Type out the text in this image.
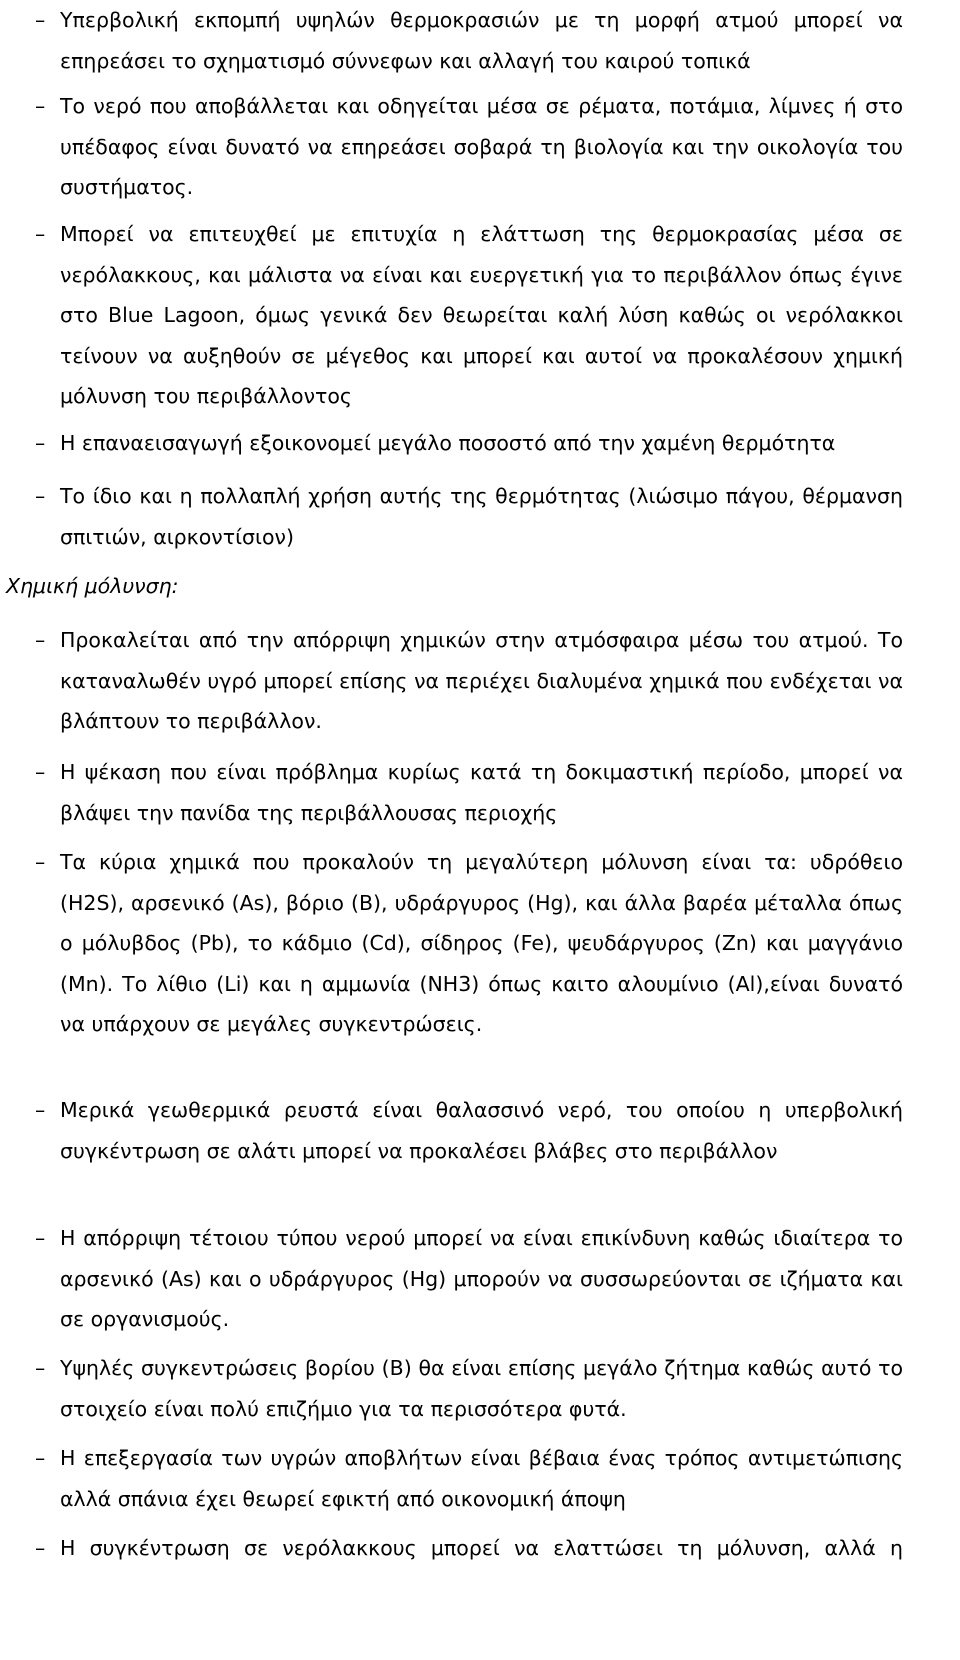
– Υπερβολική εκπομπή υψηλών θερμοκρασιών με τη μορφή ατμού μπορεί να επηρεάσει το σχηματισμό σύννεφων και αλλαγή του καιρού τοπικά
– Το νερό που αποβάλλεται και οδηγείται μέσα σε ρέματα, ποτάμια, λίμνες ή στο υπέδαφος είναι δυνατό να επηρεάσει σοβαρά τη βιολογία και την οικολογία του συστήματος.
– Μπορεί να επιτευχθεί με επιτυχία η ελάττωση της θερμοκρασίας μέσα σε νερόλακκους, και μάλιστα να είναι και ευεργετική για το περιβάλλον όπως έγινε στο Blue Lagoon, όμως γενικά δεν θεωρείται καλή λύση καθώς οι νερόλακκοι τείνουν να αυξηθούν σε μέγεθος και μπορεί και αυτοί να προκαλέσουν χημική μόλυνση του περιβάλλοντος
– Η επαναεισαγωγή εξοικονομεί μεγάλο ποσοστό από την χαμένη θερμότητα
– Το ίδιο και η πολλαπλή χρήση αυτής της θερμότητας (λιώσιμο πάγου, θέρμανση σπιτιών, αιρκοντίσιον)
Χημική μόλυνση:
– Προκαλείται από την απόρριψη χημικών στην ατμόσφαιρα μέσω του ατμού. Το καταναλωθέν υγρό μπορεί επίσης να περιέχει διαλυμένα χημικά που ενδέχεται να βλάπτουν το περιβάλλον.
– Η ψέκαση που είναι πρόβλημα κυρίως κατά τη δοκιμαστική περίοδο, μπορεί να βλάψει την πανίδα της περιβάλλουσας περιοχής
– Τα κύρια χημικά που προκαλούν τη μεγαλύτερη μόλυνση είναι τα: υδρόθειο (H2S), αρσενικό (As), βόριο (B), υδράργυρος (Hg), και άλλα βαρέα μέταλλα όπως ο μόλυβδος (Pb), το κάδμιο (Cd), σίδηρος (Fe), ψευδάργυρος (Zn) και μαγγάνιο (Mn). Το λίθιο (Li) και η αμμωνία (NH3) όπως καιτο αλουμίνιο (Al),είναι δυνατό να υπάρχουν σε μεγάλες συγκεντρώσεις.
– Μερικά γεωθερμικά ρευστά είναι θαλασσινό νερό, του οποίου η υπερβολική συγκέντρωση σε αλάτι μπορεί να προκαλέσει βλάβες στο περιβάλλον
– Η απόρριψη τέτοιου τύπου νερού μπορεί να είναι επικίνδυνη καθώς ιδιαίτερα το αρσενικό (As) και ο υδράργυρος (Hg) μπορούν να συσσωρεύονται σε ιζήματα και σε οργανισμούς.
– Υψηλές συγκεντρώσεις βορίου (B) θα είναι επίσης μεγάλο ζήτημα καθώς αυτό το στοιχείο είναι πολύ επιζήμιο για τα περισσότερα φυτά.
– Η επεξεργασία των υγρών αποβλήτων είναι βέβαια ένας τρόπος αντιμετώπισης αλλά σπάνια έχει θεωρεί εφικτή από οικονομική άποψη
– Η συγκέντρωση σε νερόλακκους μπορεί να ελαττώσει τη μόλυνση, αλλά η
